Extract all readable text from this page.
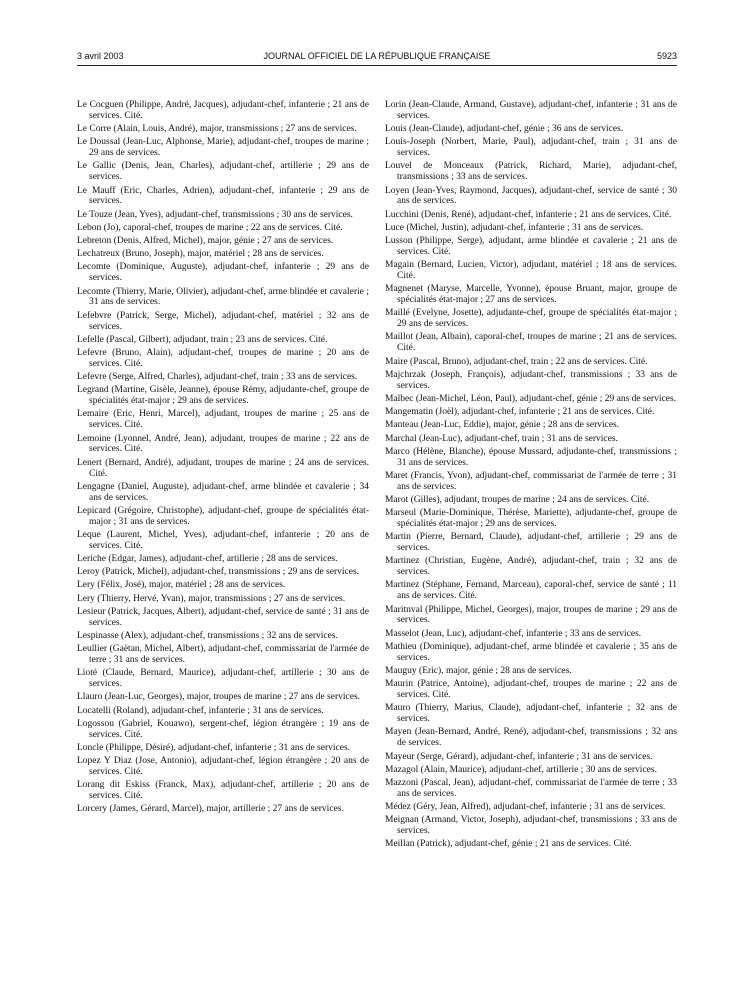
3 avril 2003	JOURNAL OFFICIEL DE LA RÉPUBLIQUE FRANÇAISE	5923

Le Cocguen (Philippe, André, Jacques), adjudant-chef, infanterie ; 21 ans de services. Cité.

Le Corre (Alain, Louis, André), major, transmissions ; 27 ans de services.

Le Doussal (Jean-Luc, Alphonse, Marie), adjudant-chef, troupes de marine ; 29 ans de services.

Le Gallic (Denis, Jean, Charles), adjudant-chef, artillerie ; 29 ans de services.

Le Mauff (Eric, Charles, Adrien), adjudant-chef, infanterie ; 29 ans de services.

Le Touze (Jean, Yves), adjudant-chef, transmissions ; 30 ans de services.

Lebon (Jo), caporal-chef, troupes de marine ; 22 ans de services. Cité.

Lebreton (Denis, Alfred, Michel), major, génie ; 27 ans de services.

Lechatreux (Bruno, Joseph), major, matériel ; 28 ans de services.

Lecomte (Dominique, Auguste), adjudant-chef, infanterie ; 29 ans de services.

Lecomte (Thierry, Marie, Olivier), adjudant-chef, arme blindée et cavalerie ; 31 ans de services.

Lefebvre (Patrick, Serge, Michel), adjudant-chef, matériel ; 32 ans de services.

Lefelle (Pascal, Gilbert), adjudant, train ; 23 ans de services. Cité.

Lefevre (Bruno, Alain), adjudant-chef, troupes de marine ; 20 ans de services. Cité.

Lefevre (Serge, Alfred, Charles), adjudant-chef, train ; 33 ans de services.

Legrand (Martine, Gisèle, Jeanne), épouse Rémy, adjudante-chef, groupe de spécialités état-major ; 29 ans de services.

Lemaire (Eric, Henri, Marcel), adjudant, troupes de marine ; 25 ans de services. Cité.

Lemoine (Lyonnel, André, Jean), adjudant, troupes de marine ; 22 ans de services. Cité.

Lenert (Bernard, André), adjudant, troupes de marine ; 24 ans de services. Cité.

Lengagne (Daniel, Auguste), adjudant-chef, arme blindée et cavalerie ; 34 ans de services.

Lepicard (Grégoire, Christophe), adjudant-chef, groupe de spécialités état-major ; 31 ans de services.

Leque (Laurent, Michel, Yves), adjudant-chef, infanterie ; 20 ans de services. Cité.

Leriche (Edgar, James), adjudant-chef, artillerie ; 28 ans de services.

Leroy (Patrick, Michel), adjudant-chef, transmissions ; 29 ans de services.

Lery (Félix, José), major, matériel ; 28 ans de services.

Lery (Thierry, Hervé, Yvan), major, transmissions ; 27 ans de services.

Lesieur (Patrick, Jacques, Albert), adjudant-chef, service de santé ; 31 ans de services.

Lespinasse (Alex), adjudant-chef, transmissions ; 32 ans de services.

Leullier (Gaëtan, Michel, Albert), adjudant-chef, commissariat de l'armée de terre ; 31 ans de services.

Lioté (Claude, Bernard, Maurice), adjudant-chef, artillerie ; 30 ans de services.

Llauro (Jean-Luc, Georges), major, troupes de marine ; 27 ans de services.

Locatelli (Roland), adjudant-chef, infanterie ; 31 ans de services.

Logossou (Gabriel, Kouawo), sergent-chef, légion étrangère ; 19 ans de services. Cité.

Loncle (Philippe, Désiré), adjudant-chef, infanterie ; 31 ans de services.

Lopez Y Diaz (Jose, Antonio), adjudant-chef, légion étrangère ; 20 ans de services. Cité.

Lorang dit Eskiss (Franck, Max), adjudant-chef, artillerie ; 20 ans de services. Cité.

Lorcery (James, Gérard, Marcel), major, artillerie ; 27 ans de services.

Lorin (Jean-Claude, Armand, Gustave), adjudant-chef, infanterie ; 31 ans de services.

Louis (Jean-Claude), adjudant-chef, génie ; 36 ans de services.

Louis-Joseph (Norbert, Marie, Paul), adjudant-chef, train ; 31 ans de services.

Louvel de Monceaux (Patrick, Richard, Marie), adjudant-chef, transmissions ; 33 ans de services.

Loyen (Jean-Yves, Raymond, Jacques), adjudant-chef, service de santé ; 30 ans de services.

Lucchini (Denis, René), adjudant-chef, infanterie ; 21 ans de services. Cité.

Luce (Michel, Justin), adjudant-chef, infanterie ; 31 ans de services.

Lusson (Philippe, Serge), adjudant, arme blindée et cavalerie ; 21 ans de services. Cité.

Magain (Bernard, Lucien, Victor), adjudant, matériel ; 18 ans de services. Cité.

Magnenet (Maryse, Marcelle, Yvonne), épouse Bruant, major, groupe de spécialités état-major ; 27 ans de services.

Maillé (Evelyne, Josette), adjudante-chef, groupe de spécialités état-major ; 29 ans de services.

Maillot (Jean, Albain), caporal-chef, troupes de marine ; 21 ans de services. Cité.

Maire (Pascal, Bruno), adjudant-chef, train ; 22 ans de services. Cité.

Majchrzak (Joseph, François), adjudant-chef, transmissions ; 33 ans de services.

Malbec (Jean-Michel, Léon, Paul), adjudant-chef, génie ; 29 ans de services.

Mangematin (Joël), adjudant-chef, infanterie ; 21 ans de services. Cité.

Manteau (Jean-Luc, Eddie), major, génie ; 28 ans de services.

Marchal (Jean-Luc), adjudant-chef, train ; 31 ans de services.

Marco (Hélène, Blanche), épouse Mussard, adjudante-chef, transmissions ; 31 ans de services.

Maret (Francis, Yvon), adjudant-chef, commissariat de l'armée de terre ; 31 ans de services.

Marot (Gilles), adjudant, troupes de marine ; 24 ans de services. Cité.

Marseul (Marie-Dominique, Thérèse, Mariette), adjudante-chef, groupe de spécialités état-major ; 29 ans de services.

Martin (Pierre, Bernard, Claude), adjudant-chef, artillerie ; 29 ans de services.

Martinez (Christian, Eugène, André), adjudant-chef, train ; 32 ans de services.

Martinez (Stéphane, Fernand, Marceau), caporal-chef, service de santé ; 11 ans de services. Cité.

Maritnval (Philippe, Michel, Georges), major, troupes de marine ; 29 ans de services.

Masselot (Jean, Luc), adjudant-chef, infanterie ; 33 ans de services.

Mathieu (Dominique), adjudant-chef, arme blindée et cavalerie ; 35 ans de services.

Mauguy (Eric), major, génie ; 28 ans de services.

Maurin (Patrice, Antoine), adjudant-chef, troupes de marine ; 22 ans de services. Cité.

Mauro (Thierry, Marius, Claude), adjudant-chef, infanterie ; 32 ans de services.

Mayen (Jean-Bernard, André, René), adjudant-chef, transmissions ; 32 ans de services.

Mayeur (Serge, Gérard), adjudant-chef, infanterie ; 31 ans de services.

Mazagol (Alain, Maurice), adjudant-chef, artillerie ; 30 ans de services.

Mazzoni (Pascal, Jean), adjudant-chef, commissariat de l'armée de terre ; 33 ans de services.

Médez (Géry, Jean, Alfred), adjudant-chef, infanterie ; 31 ans de services.

Meignan (Armand, Victor, Joseph), adjudant-chef, transmissions ; 33 ans de services.

Meillan (Patrick), adjudant-chef, génie ; 21 ans de services. Cité.
